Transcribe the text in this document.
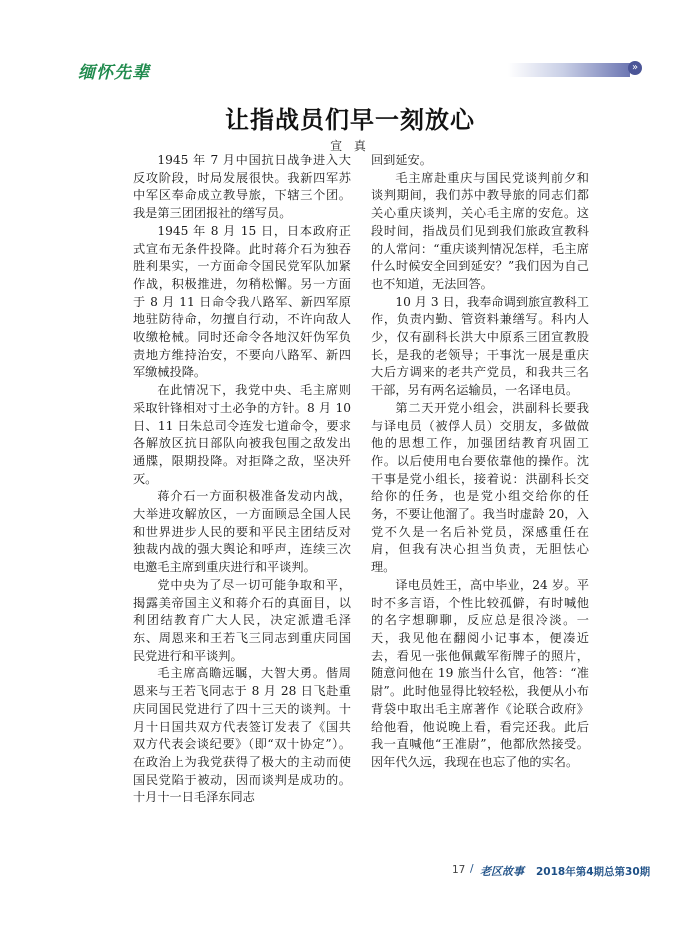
缅怀先辈	»
让指战员们早一刻放心
宣 真

1945 年 7 月中国抗日战争进入大反攻阶段，时局发展很快。我新四军苏中军区奉命成立教导旅，下辖三个团。我是第三团团报社的缮写员。

1945 年 8 月 15 日，日本政府正式宣布无条件投降。此时蒋介石为独吞胜利果实，一方面命令国民党军队加紧作战，积极推进，勿稍松懈。另一方面于 8 月 11 日命令我八路军、新四军原地驻防待命，勿擅自行动，不许向敌人收缴枪械。同时还命令各地汉奸伪军负责地方维持治安，不要向八路军、新四军缴械投降。

在此情况下，我党中央、毛主席则采取针锋相对寸土必争的方针。8 月 10 日、11 日朱总司令连发七道命令，要求各解放区抗日部队向被我包围之敌发出通牒，限期投降。对拒降之敌，坚决歼灭。

蒋介石一方面积极准备发动内战，大举进攻解放区，一方面顾忌全国人民和世界进步人民的要和平民主团结反对独裁内战的强大舆论和呼声，连续三次电邀毛主席到重庆进行和平谈判。

党中央为了尽一切可能争取和平，揭露美帝国主义和蒋介石的真面目，以利团结教育广大人民，决定派遣毛泽东、周恩来和王若飞三同志到重庆同国民党进行和平谈判。

毛主席高瞻远瞩，大智大勇。偕周恩来与王若飞同志于 8 月 28 日飞赴重庆同国民党进行了四十三天的谈判。十月十日国共双方代表签订发表了《国共双方代表会谈纪要》（即“双十协定”）。在政治上为我党获得了极大的主动而使国民党陷于被动，因而谈判是成功的。十月十一日毛泽东同志

回到延安。

毛主席赴重庆与国民党谈判前夕和谈判期间，我们苏中教导旅的同志们都关心重庆谈判，关心毛主席的安危。这段时间，指战员们见到我们旅政宣教科的人常问：“重庆谈判情况怎样，毛主席什么时候安全回到延安？”我们因为自己也不知道，无法回答。

10 月 3 日，我奉命调到旅宣教科工作，负责内勤、管资料兼缮写。科内人少，仅有副科长洪大中原系三团宣教股长，是我的老领导；干事沈一展是重庆大后方调来的老共产党员，和我共三名干部，另有两名运输员，一名译电员。

第二天开党小组会，洪副科长要我与译电员（被俘人员）交朋友，多做做他的思想工作，加强团结教育巩固工作。以后使用电台要依靠他的操作。沈干事是党小组长，接着说：洪副科长交给你的任务，也是党小组交给你的任务，不要让他溜了。我当时虚龄 20，入党不久是一名后补党员，深感重任在肩，但我有决心担当负责，无胆怯心理。

译电员姓王，高中毕业，24 岁。平时不多言语，个性比较孤僻，有时喊他的名字想聊聊，反应总是很冷淡。一天，我见他在翻阅小记事本，便凑近去，看见一张他佩戴军衔牌子的照片，随意问他在 19 旅当什么官，他答：“准尉”。此时他显得比较轻松，我便从小布背袋中取出毛主席著作《论联合政府》给他看，他说晚上看，看完还我。此后我一直喊他“王准尉”，他都欣然接受。因年代久远，我现在也忘了他的实名。

17 / 老区故事 2018年第4期总第30期
